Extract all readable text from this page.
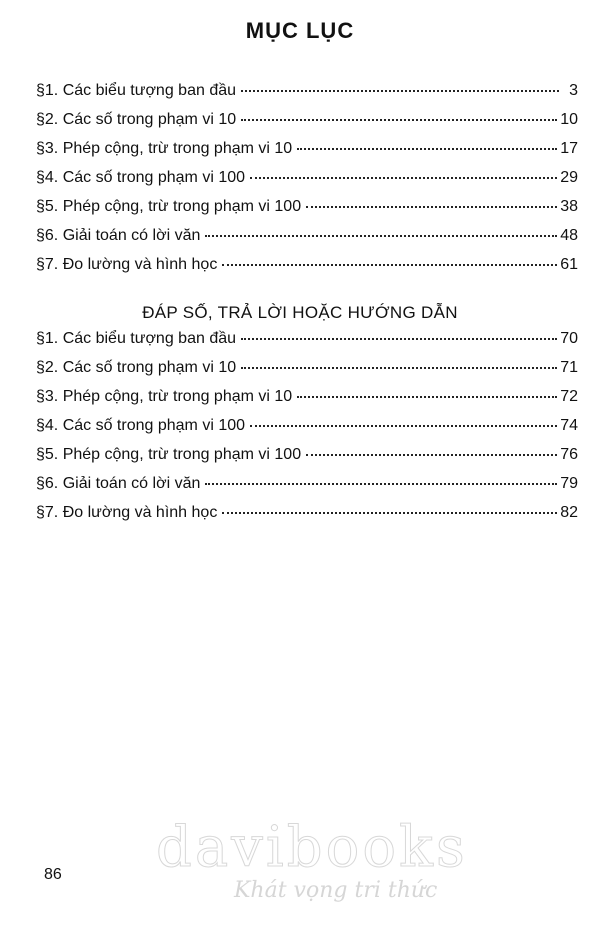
MỤC LỤC
§1. Các biểu tượng ban đầu	3
§2. Các số trong phạm vi 10	10
§3. Phép cộng, trừ trong phạm vi 10	17
§4. Các số trong phạm vi 100	29
§5. Phép cộng, trừ trong phạm vi 100	38
§6. Giải toán có lời văn	48
§7. Đo lường và hình học	61
ĐÁP SỐ, TRẢ LỜI HOẶC HƯỚNG DẪN
§1. Các biểu tượng ban đầu	70
§2. Các số trong phạm vi 10	71
§3. Phép cộng, trừ trong phạm vi 10	72
§4. Các số trong phạm vi 100	74
§5. Phép cộng, trừ trong phạm vi 100	76
§6. Giải toán có lời văn	79
§7. Đo lường và hình học	82
86 davibooks
Khát vọng tri thức
